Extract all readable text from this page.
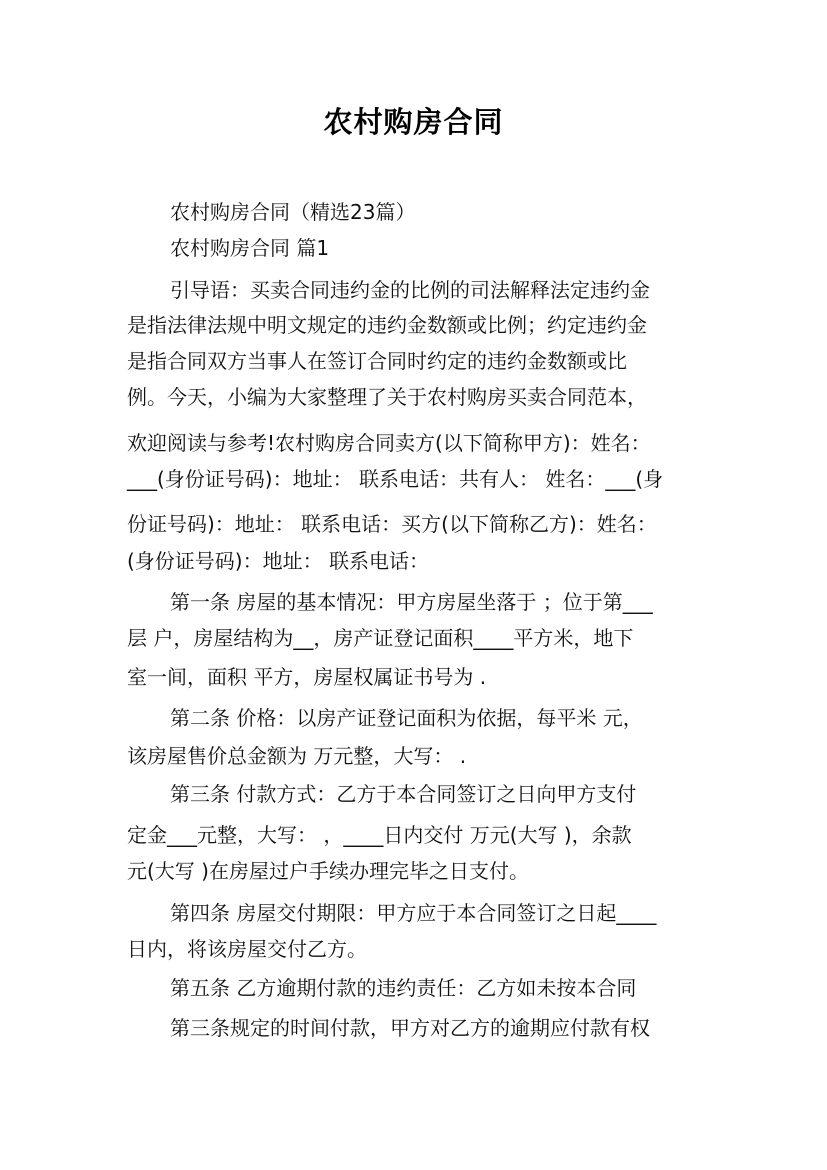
农村购房合同
农村购房合同（精选23篇）
农村购房合同 篇1
引导语：买卖合同违约金的比例的司法解释法定违约金
是指法律法规中明文规定的违约金数额或比例；约定违约金
是指合同双方当事人在签订合同时约定的违约金数额或比
例。今天，小编为大家整理了关于农村购房买卖合同范本，
欢迎阅读与参考!农村购房合同卖方(以下简称甲方)：姓名：
___(身份证号码)：地址： 联系电话：共有人： 姓名：___(身
份证号码)：地址： 联系电话：买方(以下简称乙方)：姓名：
(身份证号码)：地址： 联系电话：
第一条 房屋的基本情况：甲方房屋坐落于 ；位于第___
层 户，房屋结构为__，房产证登记面积____平方米，地下
室一间，面积 平方，房屋权属证书号为 .
第二条 价格：以房产证登记面积为依据，每平米 元，
该房屋售价总金额为 万元整，大写： .
第三条 付款方式：乙方于本合同签订之日向甲方支付
定金___元整，大写： ，____日内交付 万元(大写 )，余款
元(大写 )在房屋过户手续办理完毕之日支付。
第四条 房屋交付期限：甲方应于本合同签订之日起____
日内，将该房屋交付乙方。
第五条 乙方逾期付款的违约责任：乙方如未按本合同
第三条规定的时间付款，甲方对乙方的逾期应付款有权
